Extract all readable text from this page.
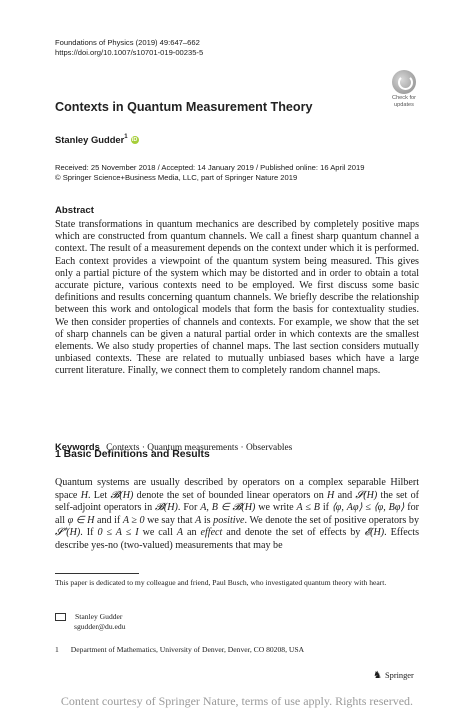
Foundations of Physics (2019) 49:647–662
https://doi.org/10.1007/s10701-019-00235-5
Check for
updates
Contexts in Quantum Measurement Theory
Stanley Gudder$^1$ iD
Received: 25 November 2018 / Accepted: 14 January 2019 / Published online: 16 April 2019
© Springer Science+Business Media, LLC, part of Springer Nature 2019
Abstract
State transformations in quantum mechanics are described by completely positive maps which are constructed from quantum channels. We call a finest sharp quantum channel a context. The result of a measurement depends on the context under which it is performed. Each context provides a viewpoint of the quantum system being measured. This gives only a partial picture of the system which may be distorted and in order to obtain a total accurate picture, various contexts need to be employed. We first discuss some basic definitions and results concerning quantum channels. We briefly describe the relationship between this work and ontological models that form the basis for contextuality studies. We then consider properties of channels and contexts. For example, we show that the set of sharp channels can be given a natural partial order in which contexts are the smallest elements. We also study properties of channel maps. The last section considers mutually unbiased contexts. These are related to mutually unbiased bases which have a large current literature. Finally, we connect them to completely random channel maps.
Keywords Contexts · Quantum measurements · Observables
1 Basic Definitions and Results
Quantum systems are usually described by operators on a complex separable Hilbert space H. Let 𝓑(H) denote the set of bounded linear operators on H and 𝓢(H) the set of self-adjoint operators in 𝓑(H). For A, B ∈ 𝓑(H) we write A ≤ B if ⟨φ, Aφ⟩ ≤ ⟨φ, Bφ⟩ for all φ ∈ H and if A ≥ 0 we say that A is positive. We denote the set of positive operators by 𝓢⁺(H). If 0 ≤ A ≤ I we call A an effect and denote the set of effects by 𝓔(H). Effects describe yes-no (two-valued) measurements that may be
This paper is dedicated to my colleague and friend, Paul Busch, who investigated quantum theory with heart.
Stanley Gudder
sgudder@du.edu
1 Department of Mathematics, University of Denver, Denver, CO 80208, USA
♞ Springer
Content courtesy of Springer Nature, terms of use apply. Rights reserved.
